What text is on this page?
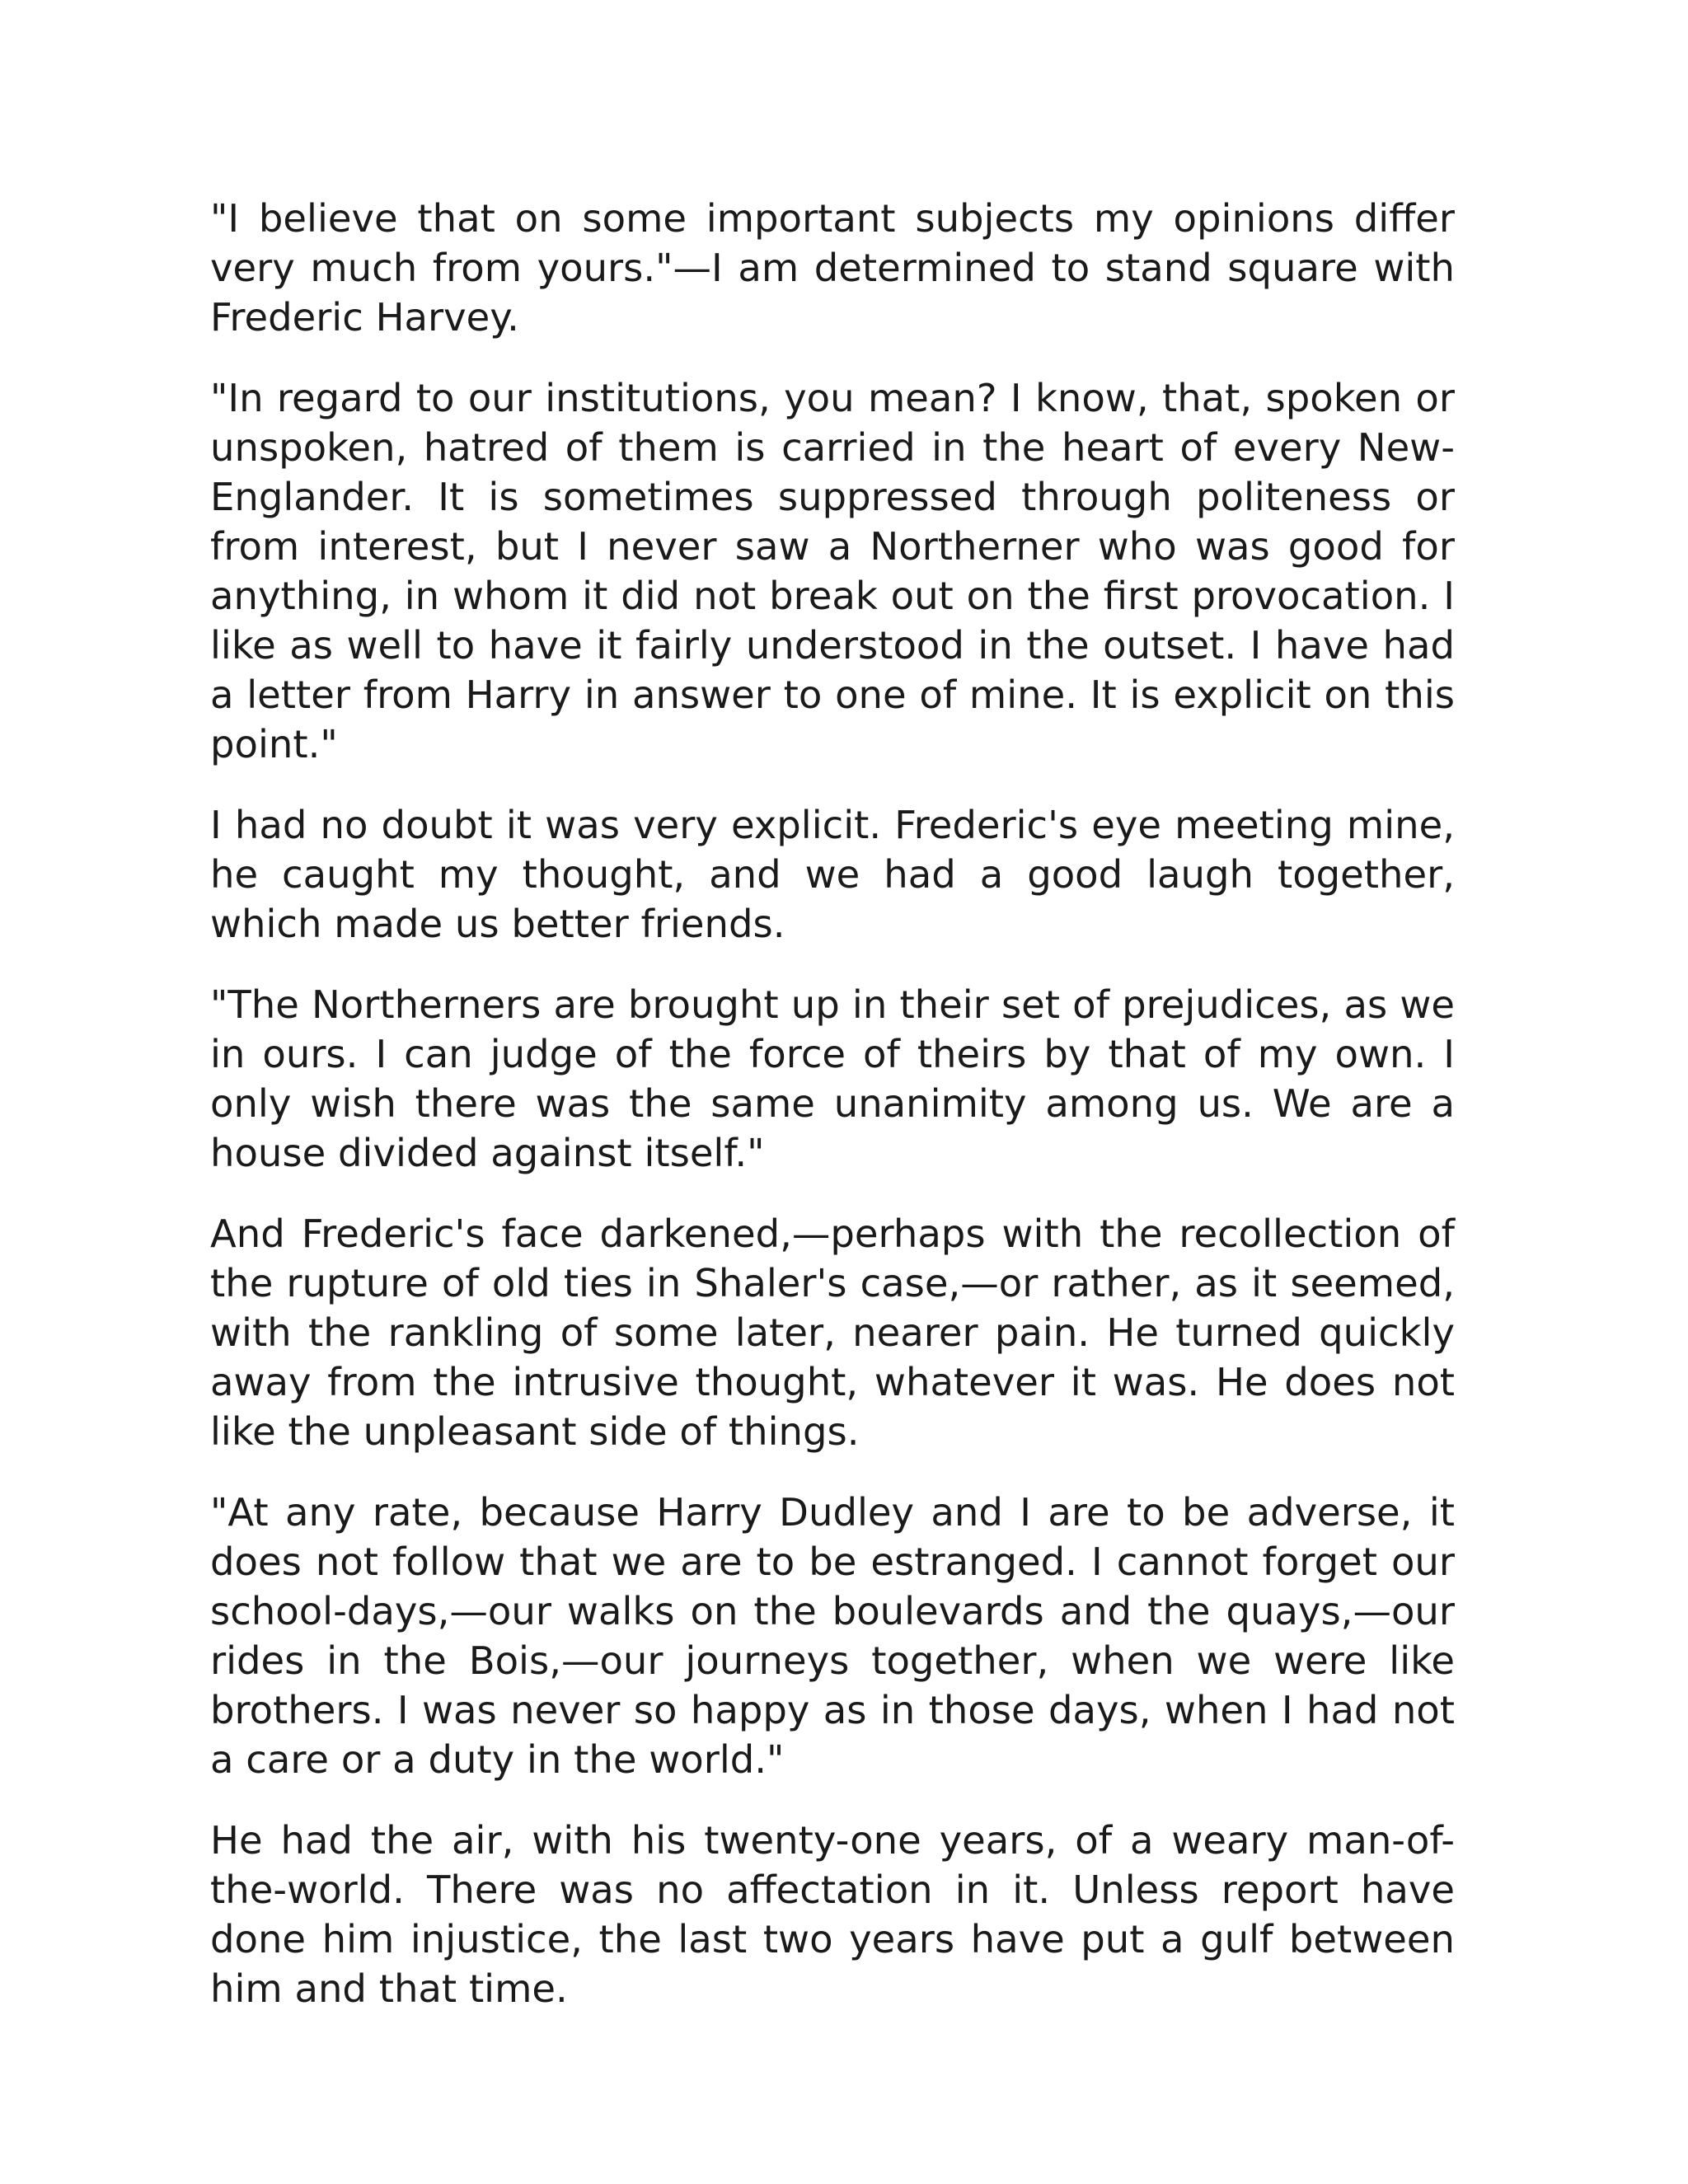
"I believe that on some important subjects my opinions differ very much from yours."—I am determined to stand square with Frederic Harvey.

"In regard to our institutions, you mean? I know, that, spoken or unspoken, hatred of them is carried in the heart of every New-Englander. It is sometimes suppressed through politeness or from interest, but I never saw a Northerner who was good for anything, in whom it did not break out on the first provocation. I like as well to have it fairly understood in the outset. I have had a letter from Harry in answer to one of mine. It is explicit on this point."

I had no doubt it was very explicit. Frederic's eye meeting mine, he caught my thought, and we had a good laugh together, which made us better friends.

"The Northerners are brought up in their set of prejudices, as we in ours. I can judge of the force of theirs by that of my own. I only wish there was the same unanimity among us. We are a house divided against itself."

And Frederic's face darkened,—perhaps with the recollection of the rupture of old ties in Shaler's case,—or rather, as it seemed, with the rankling of some later, nearer pain. He turned quickly away from the intrusive thought, whatever it was. He does not like the unpleasant side of things.

"At any rate, because Harry Dudley and I are to be adverse, it does not follow that we are to be estranged. I cannot forget our school-days,—our walks on the boulevards and the quays,—our rides in the Bois,—our journeys together, when we were like brothers. I was never so happy as in those days, when I had not a care or a duty in the world."

He had the air, with his twenty-one years, of a weary man-of-the-world. There was no affectation in it. Unless report have done him injustice, the last two years have put a gulf between him and that time.
